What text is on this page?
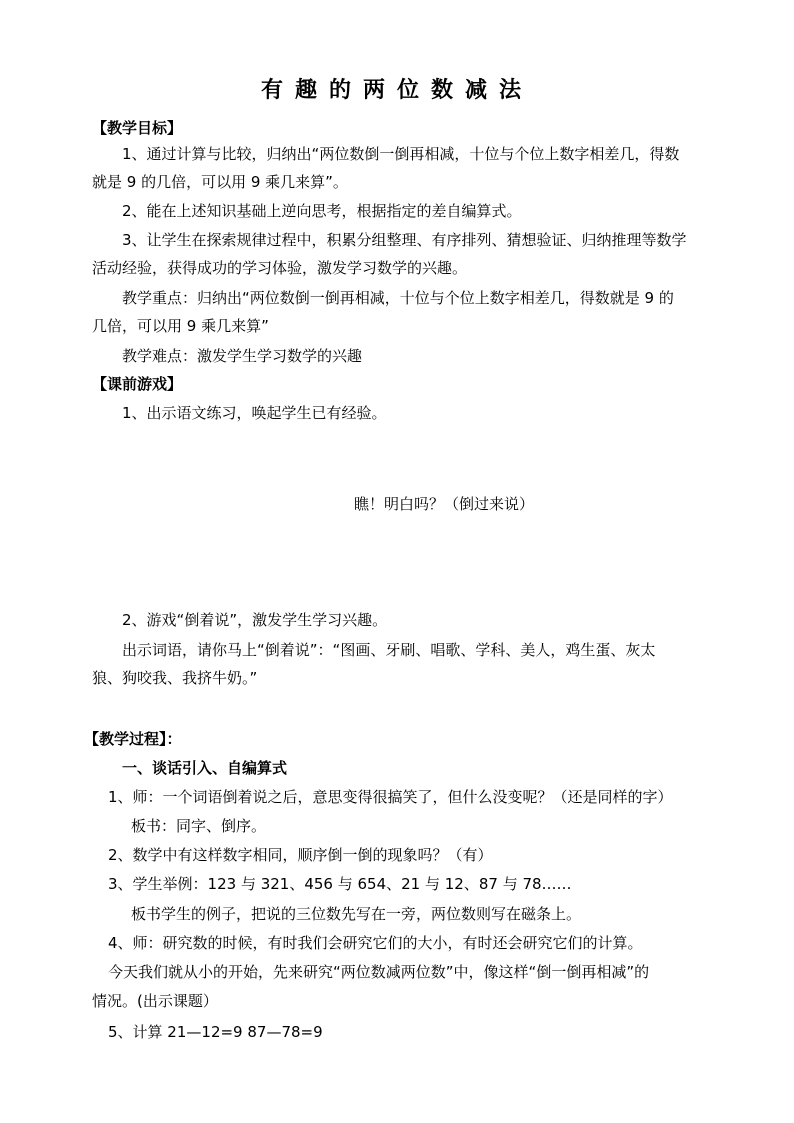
有趣的两位数减法
【教学目标】
1、通过计算与比较，归纳出“两位数倒一倒再相减，十位与个位上数字相差几，得数
就是 9 的几倍，可以用 9 乘几来算”。
2、能在上述知识基础上逆向思考，根据指定的差自编算式。
3、让学生在探索规律过程中，积累分组整理、有序排列、猜想验证、归纳推理等数学
活动经验，获得成功的学习体验，激发学习数学的兴趣。
教学重点：归纳出“两位数倒一倒再相减，十位与个位上数字相差几，得数就是 9 的
几倍，可以用 9 乘几来算”
教学难点：激发学生学习数学的兴趣
【课前游戏】
1、出示语文练习，唤起学生已有经验。
瞧！明白吗？（倒过来说）
2、游戏“倒着说”，激发学生学习兴趣。
出示词语，请你马上“倒着说”：“图画、牙刷、唱歌、学科、美人，鸡生蛋、灰太
狼、狗咬我、我挤牛奶。”
【教学过程】：
一、谈话引入、自编算式
1、师：一个词语倒着说之后，意思变得很搞笑了，但什么没变呢？（还是同样的字）
板书：同字、倒序。
2、数学中有这样数字相同，顺序倒一倒的现象吗？（有）
3、学生举例：123 与 321、456 与 654、21 与 12、87 与 78……
板书学生的例子，把说的三位数先写在一旁，两位数则写在磁条上。
4、师：研究数的时候，有时我们会研究它们的大小，有时还会研究它们的计算。
今天我们就从小的开始，先来研究“两位数减两位数”中，像这样“倒一倒再相减”的
情况。(出示课题）
5、计算 21—12=9 87—78=9
